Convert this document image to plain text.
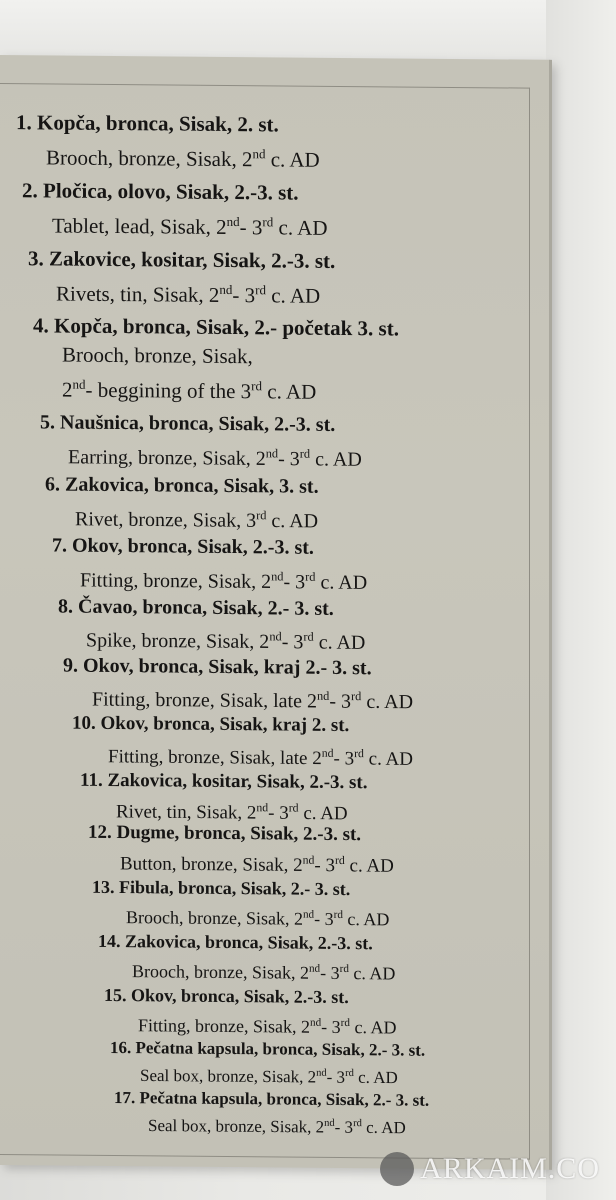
1. Kopča, bronca, Sisak, 2. st.
Brooch, bronze, Sisak, 2nd c. AD
2. Pločica, olovo, Sisak, 2.-3. st.
Tablet, lead, Sisak, 2nd- 3rd c. AD
3. Zakovice, kositar, Sisak, 2.-3. st.
Rivets, tin, Sisak, 2nd- 3rd c. AD
4. Kopča, bronca, Sisak, 2.- početak 3. st.
Brooch, bronze, Sisak,
2nd- beggining of the 3rd c. AD
5. Naušnica, bronca, Sisak, 2.-3. st.
Earring, bronze, Sisak, 2nd- 3rd c. AD
6. Zakovica, bronca, Sisak, 3. st.
Rivet, bronze, Sisak, 3rd c. AD
7. Okov, bronca, Sisak, 2.-3. st.
Fitting, bronze, Sisak, 2nd- 3rd c. AD
8. Čavao, bronca, Sisak, 2.- 3. st.
Spike, bronze, Sisak, 2nd- 3rd c. AD
9. Okov, bronca, Sisak, kraj 2.- 3. st.
Fitting, bronze, Sisak, late 2nd- 3rd c. AD
10. Okov, bronca, Sisak, kraj 2. st.
Fitting, bronze, Sisak, late 2nd- 3rd c. AD
11. Zakovica, kositar, Sisak, 2.-3. st.
Rivet, tin, Sisak, 2nd- 3rd c. AD
12. Dugme, bronca, Sisak, 2.-3. st.
Button, bronze, Sisak, 2nd- 3rd c. AD
13. Fibula, bronca, Sisak, 2.- 3. st.
Brooch, bronze, Sisak, 2nd- 3rd c. AD
14. Zakovica, bronca, Sisak, 2.-3. st.
Brooch, bronze, Sisak, 2nd- 3rd c. AD
15. Okov, bronca, Sisak, 2.-3. st.
Fitting, bronze, Sisak, 2nd- 3rd c. AD
16. Pečatna kapsula, bronca, Sisak, 2.- 3. st.
Seal box, bronze, Sisak, 2nd- 3rd c. AD
17. Pečatna kapsula, bronca, Sisak, 2.- 3. st.
Seal box, bronze, Sisak, 2nd- 3rd c. AD
ARKAIM.CO
